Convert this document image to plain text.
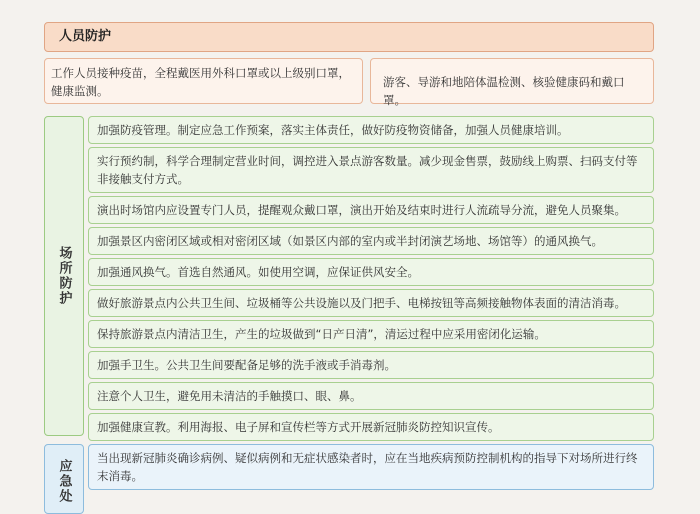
人员防护
工作人员接种疫苗，全程戴医用外科口罩或以上级别口罩，健康监测。
游客、导游和地陪体温检测、核验健康码和戴口罩。
场所防护
加强防疫管理。制定应急工作预案，落实主体责任，做好防疫物资储备，加强人员健康培训。
实行预约制，科学合理制定营业时间，调控进入景点游客数量。减少现金售票，鼓励线上购票、扫码支付等非接触支付方式。
演出时场馆内应设置专门人员，提醒观众戴口罩，演出开始及结束时进行人流疏导分流，避免人员聚集。
加强景区内密闭区域或相对密闭区域（如景区内部的室内或半封闭演艺场地、场馆等）的通风换气。
加强通风换气。首选自然通风。如使用空调，应保证供风安全。
做好旅游景点内公共卫生间、垃圾桶等公共设施以及门把手、电梯按钮等高频接触物体表面的清洁消毒。
保持旅游景点内清洁卫生，产生的垃圾做到“日产日清”，清运过程中应采用密闭化运输。
加强手卫生。公共卫生间要配备足够的洗手液或手消毒剂。
注意个人卫生，避免用未清洁的手触摸口、眼、鼻。
加强健康宣教。利用海报、电子屏和宣传栏等方式开展新冠肺炎防控知识宣传。
应急处
当出现新冠肺炎确诊病例、疑似病例和无症状感染者时，应在当地疾病预防控制机构的指导下对场所进行终末消毒。
